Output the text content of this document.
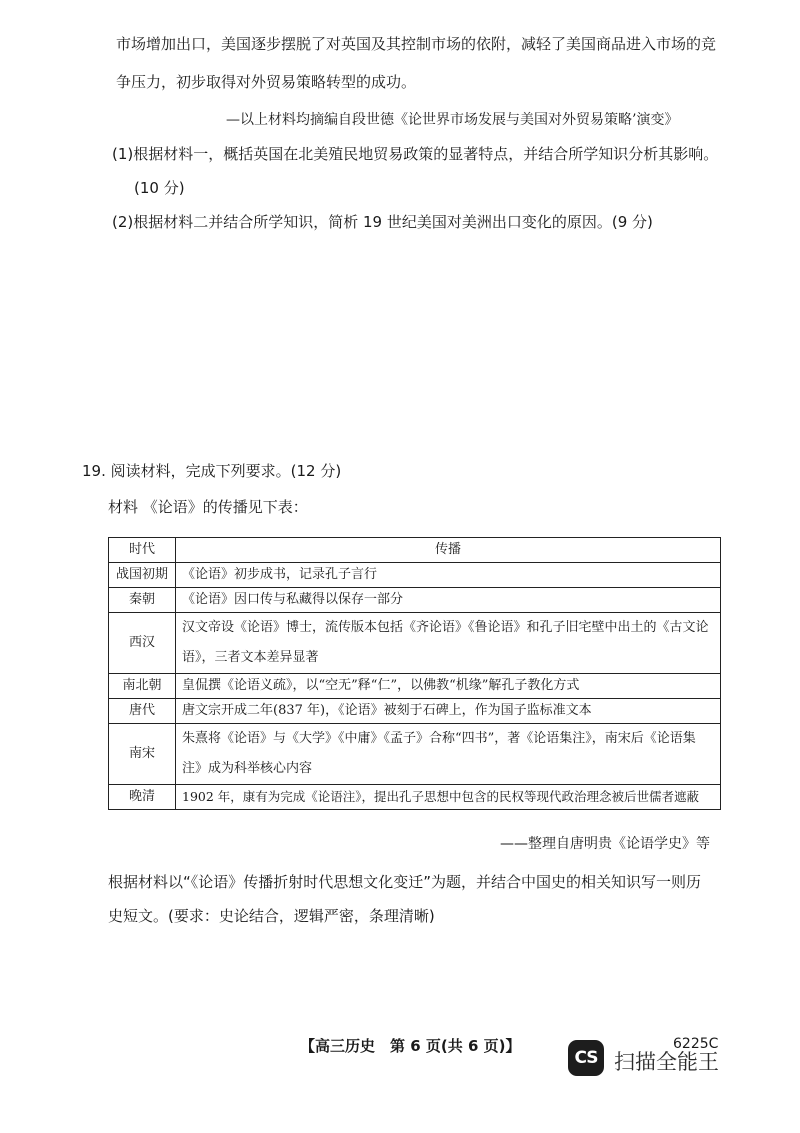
市场增加出口，美国逐步摆脱了对英国及其控制市场的依附，减轻了美国商品进入市场的竞
争压力，初步取得对外贸易策略转型的成功。
—以上材料均摘编自段世德《论世界市场发展与美国对外贸易策略’演变》
(1)根据材料一，概括英国在北美殖民地贸易政策的显著特点，并结合所学知识分析其影响。
(10 分)
(2)根据材料二并结合所学知识，简析 19 世纪美国对美洲出口变化的原因。(9 分)
19. 阅读材料，完成下列要求。(12 分)
材料 《论语》的传播见下表：
时代	传播
战国初期	《论语》初步成书，记录孔子言行
秦朝	《论语》因口传与私藏得以保存一部分
西汉	汉文帝设《论语》博士，流传版本包括《齐论语》《鲁论语》和孔子旧宅壁中出土的《古文论语》，三者文本差异显著
南北朝	皇侃撰《论语义疏》，以“空无”释“仁”，以佛教“机缘”解孔子教化方式
唐代	唐文宗开成二年(837 年)，《论语》被刻于石碑上，作为国子监标准文本
南宋	朱熹将《论语》与《大学》《中庸》《孟子》合称“四书”，著《论语集注》，南宋后《论语集注》成为科举核心内容
晚清	1902 年，康有为完成《论语注》，提出孔子思想中包含的民权等现代政治理念被后世儒者遮蔽
——整理自唐明贵《论语学史》等
根据材料以“《论语》传播折射时代思想文化变迁”为题，并结合中国史的相关知识写一则历
史短文。(要求：史论结合，逻辑严密，条理清晰)
【高三历史　第 6 页(共 6 页)】	6225C
CS 扫描全能王
